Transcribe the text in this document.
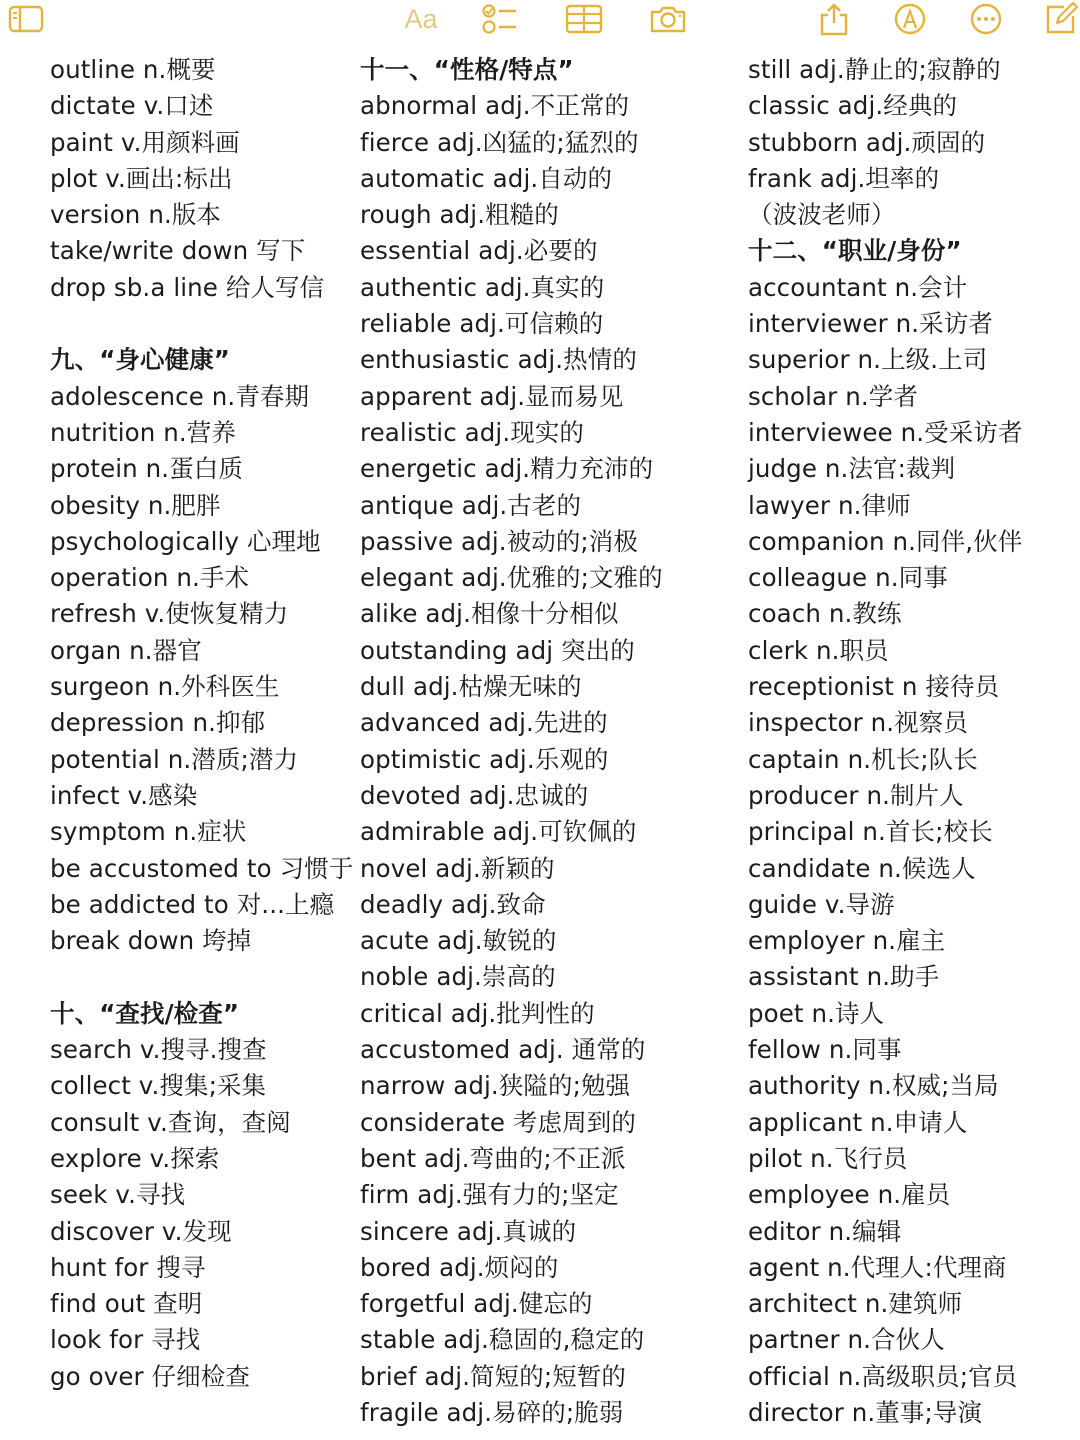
Aa
outline n.概要
dictate v.口述
paint v.用颜料画
plot v.画出:标出
version n.版本
take/write down 写下
drop sb.a line 给人写信
九、“身心健康”
adolescence n.青春期
nutrition n.营养
protein n.蛋白质
obesity n.肥胖
psychologically 心理地
operation n.手术
refresh v.使恢复精力
organ n.器官
surgeon n.外科医生
depression n.抑郁
potential n.潜质;潜力
infect v.感染
symptom n.症状
be accustomed to 习惯于
be addicted to 对...上瘾
break down 垮掉
十、“查找/检查”
search v.搜寻.搜查
collect v.搜集;采集
consult v.查询，查阅
explore v.探索
seek v.寻找
discover v.发现
hunt for 搜寻
find out 查明
look for 寻找
go over 仔细检查
十一、“性格/特点”
abnormal adj.不正常的
fierce adj.凶猛的;猛烈的
automatic adj.自动的
rough adj.粗糙的
essential adj.必要的
authentic adj.真实的
reliable adj.可信赖的
enthusiastic adj.热情的
apparent adj.显而易见
realistic adj.现实的
energetic adj.精力充沛的
antique adj.古老的
passive adj.被动的;消极
elegant adj.优雅的;文雅的
alike adj.相像十分相似
outstanding adj 突出的
dull adj.枯燥无味的
advanced adj.先进的
optimistic adj.乐观的
devoted adj.忠诚的
admirable adj.可钦佩的
novel adj.新颖的
deadly adj.致命
acute adj.敏锐的
noble adj.崇高的
critical adj.批判性的
accustomed adj. 通常的
narrow adj.狭隘的;勉强
considerate 考虑周到的
bent adj.弯曲的;不正派
firm adj.强有力的;坚定
sincere adj.真诚的
bored adj.烦闷的
forgetful adj.健忘的
stable adj.稳固的,稳定的
brief adj.简短的;短暂的
fragile adj.易碎的;脆弱
still adj.静止的;寂静的
classic adj.经典的
stubborn adj.顽固的
frank adj.坦率的
（波波老师）
十二、“职业/身份”
accountant n.会计
interviewer n.采访者
superior n.上级.上司
scholar n.学者
interviewee n.受采访者
judge n.法官:裁判
lawyer n.律师
companion n.同伴,伙伴
colleague n.同事
coach n.教练
clerk n.职员
receptionist n 接待员
inspector n.视察员
captain n.机长;队长
producer n.制片人
principal n.首长;校长
candidate n.候选人
guide v.导游
employer n.雇主
assistant n.助手
poet n.诗人
fellow n.同事
authority n.权威;当局
applicant n.申请人
pilot n.飞行员
employee n.雇员
editor n.编辑
agent n.代理人:代理商
architect n.建筑师
partner n.合伙人
official n.高级职员;官员
director n.董事;导演
